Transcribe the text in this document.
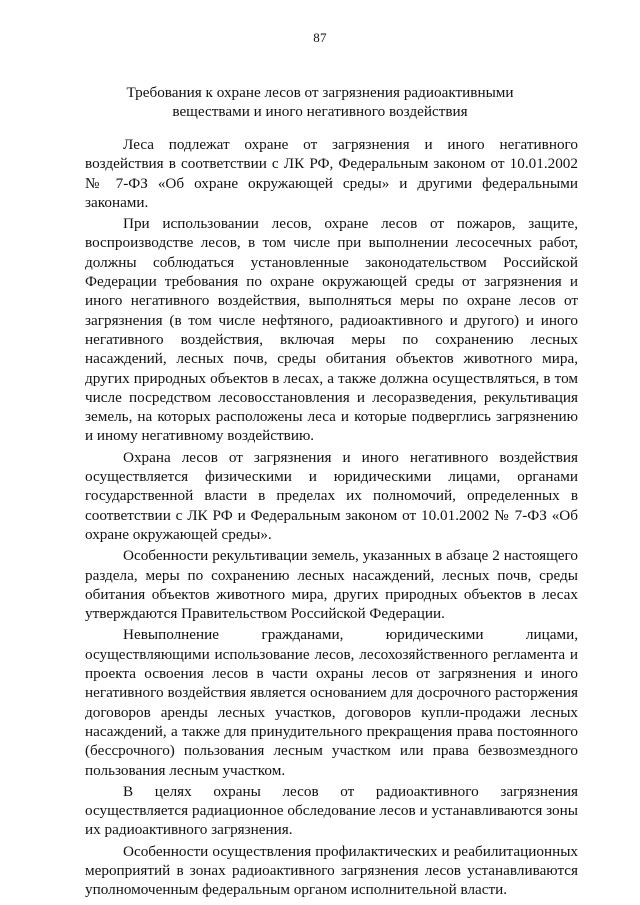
87
Требования к охране лесов от загрязнения радиоактивными веществами и иного негативного воздействия

Леса подлежат охране от загрязнения и иного негативного воздействия в соответствии с ЛК РФ, Федеральным законом от 10.01.2002 № 7-ФЗ «Об охране окружающей среды» и другими федеральными законами.

При использовании лесов, охране лесов от пожаров, защите, воспроизводстве лесов, в том числе при выполнении лесосечных работ, должны соблюдаться установленные законодательством Российской Федерации требования по охране окружающей среды от загрязнения и иного негативного воздействия, выполняться меры по охране лесов от загрязнения (в том числе нефтяного, радиоактивного и другого) и иного негативного воздействия, включая меры по сохранению лесных насаждений, лесных почв, среды обитания объектов животного мира, других природных объектов в лесах, а также должна осуществляться, в том числе посредством лесовосстановления и лесоразведения, рекультивация земель, на которых расположены леса и которые подверглись загрязнению и иному негативному воздействию.

Охрана лесов от загрязнения и иного негативного воздействия осуществляется физическими и юридическими лицами, органами государственной власти в пределах их полномочий, определенных в соответствии с ЛК РФ и Федеральным законом от 10.01.2002 № 7-ФЗ «Об охране окружающей среды».

Особенности рекультивации земель, указанных в абзаце 2 настоящего раздела, меры по сохранению лесных насаждений, лесных почв, среды обитания объектов животного мира, других природных объектов в лесах утверждаются Правительством Российской Федерации.

Невыполнение гражданами, юридическими лицами, осуществляющими использование лесов, лесохозяйственного регламента и проекта освоения лесов в части охраны лесов от загрязнения и иного негативного воздействия является основанием для досрочного расторжения договоров аренды лесных участков, договоров купли-продажи лесных насаждений, а также для принудительного прекращения права постоянного (бессрочного) пользования лесным участком или права безвозмездного пользования лесным участком.

В целях охраны лесов от радиоактивного загрязнения осуществляется радиационное обследование лесов и устанавливаются зоны их радиоактивного загрязнения.

Особенности осуществления профилактических и реабилитационных мероприятий в зонах радиоактивного загрязнения лесов устанавливаются уполномоченным федеральным органом исполнительной власти.
